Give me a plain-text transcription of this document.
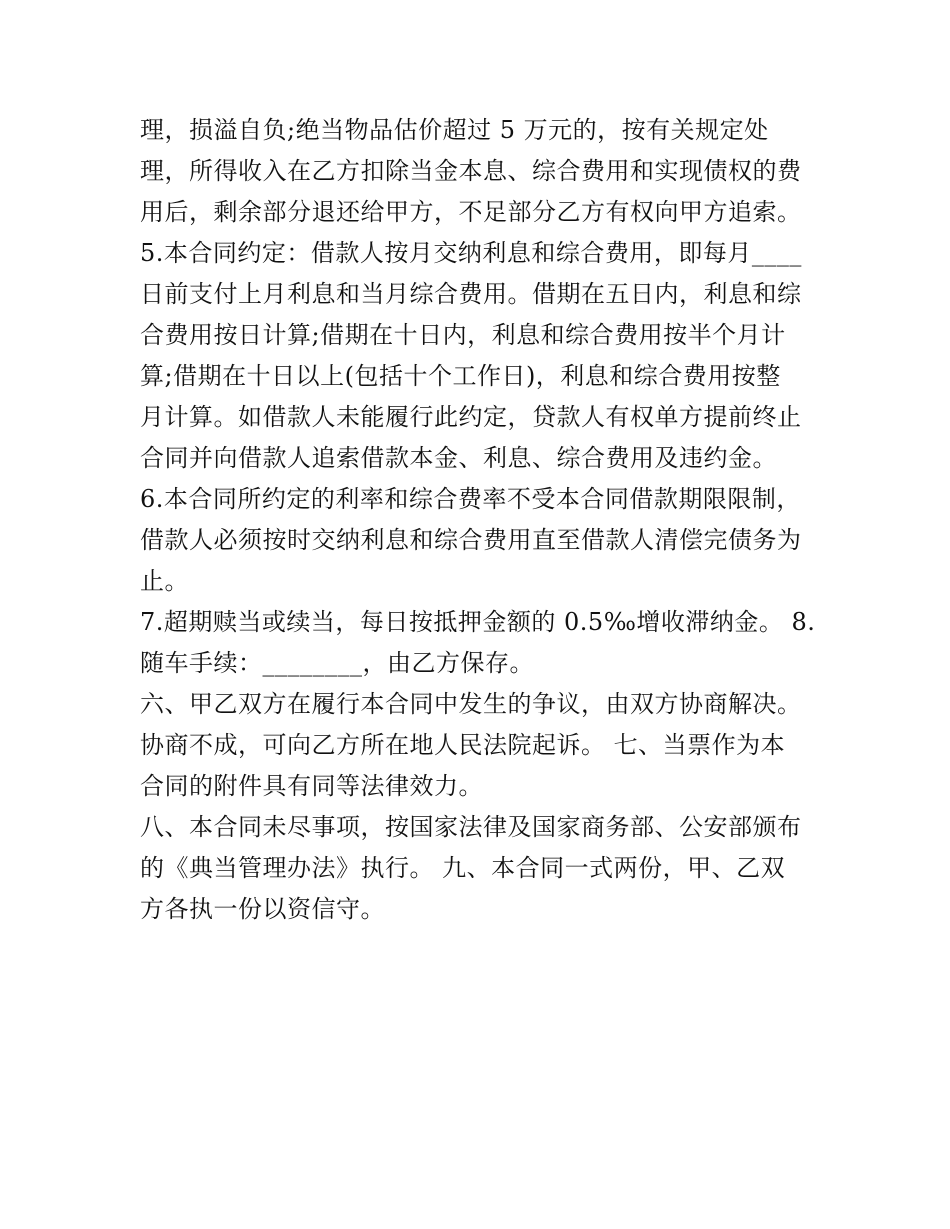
理，损溢自负;绝当物品估价超过 5 万元的，按有关规定处
理，所得收入在乙方扣除当金本息、综合费用和实现债权的费
用后，剩余部分退还给甲方，不足部分乙方有权向甲方追索。
5.本合同约定：借款人按月交纳利息和综合费用，即每月____
日前支付上月利息和当月综合费用。借期在五日内，利息和综
合费用按日计算;借期在十日内，利息和综合费用按半个月计
算;借期在十日以上(包括十个工作日)，利息和综合费用按整
月计算。如借款人未能履行此约定，贷款人有权单方提前终止
合同并向借款人追索借款本金、利息、综合费用及违约金。
6.本合同所约定的利率和综合费率不受本合同借款期限限制，
借款人必须按时交纳利息和综合费用直至借款人清偿完债务为
止。
7.超期赎当或续当，每日按抵押金额的 0.5‰增收滞纳金。 8.
随车手续：________，由乙方保存。
六、甲乙双方在履行本合同中发生的争议，由双方协商解决。
协商不成，可向乙方所在地人民法院起诉。 七、当票作为本
合同的附件具有同等法律效力。
八、本合同未尽事项，按国家法律及国家商务部、公安部颁布
的《典当管理办法》执行。 九、本合同一式两份，甲、乙双
方各执一份以资信守。
